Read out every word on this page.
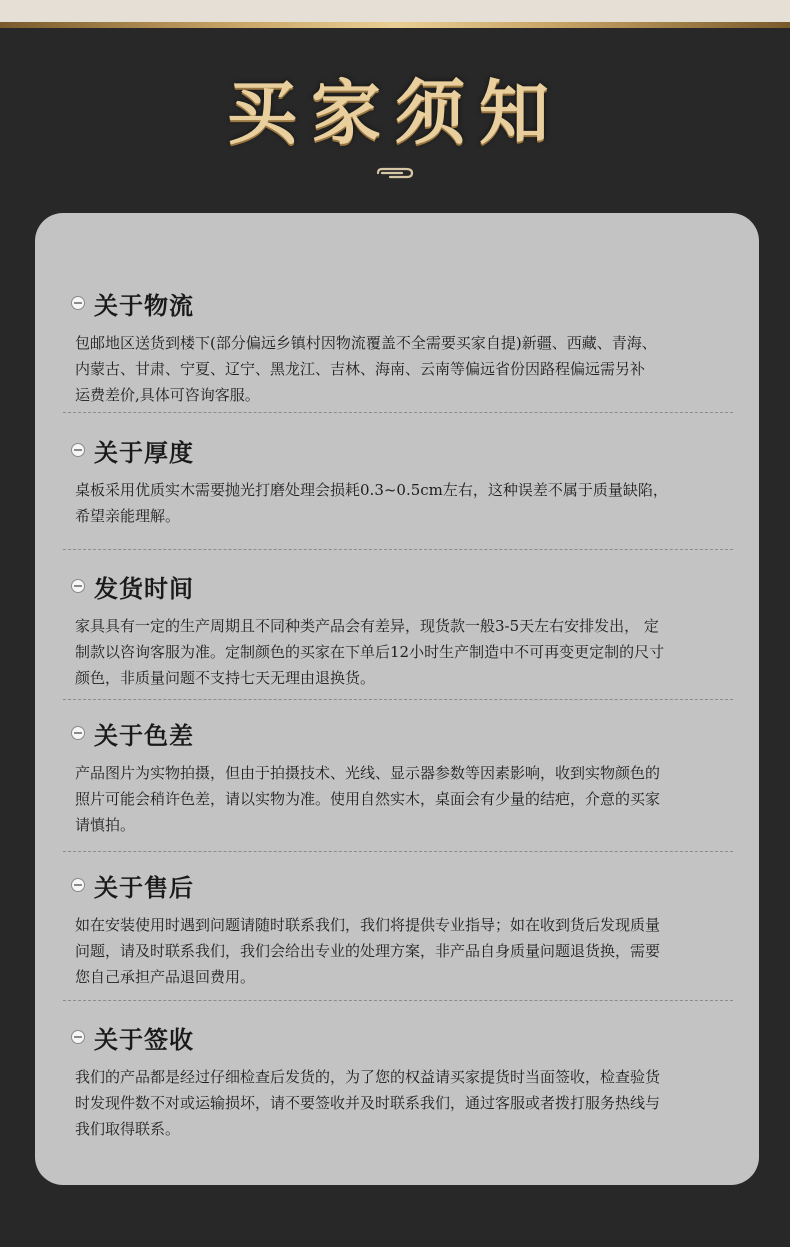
买家须知
关于物流
包邮地区送货到楼下(部分偏远乡镇村因物流覆盖不全需要买家自提)新疆、西藏、青海、
内蒙古、甘肃、宁夏、辽宁、黑龙江、吉林、海南、云南等偏远省份因路程偏远需另补
运费差价,具体可咨询客服。
关于厚度
桌板采用优质实木需要抛光打磨处理会损耗0.3~0.5cm左右，这种误差不属于质量缺陷，
希望亲能理解。
发货时间
家具具有一定的生产周期且不同种类产品会有差异，现货款一般3-5天左右安排发出， 定
制款以咨询客服为准。定制颜色的买家在下单后12小时生产制造中不可再变更定制的尺寸
颜色，非质量问题不支持七天无理由退换货。
关于色差
产品图片为实物拍摄，但由于拍摄技术、光线、显示器参数等因素影响，收到实物颜色的
照片可能会稍许色差，请以实物为准。使用自然实木，桌面会有少量的结疤，介意的买家
请慎拍。
关于售后
如在安装使用时遇到问题请随时联系我们，我们将提供专业指导；如在收到货后发现质量
问题，请及时联系我们，我们会给出专业的处理方案，非产品自身质量问题退货换，需要
您自己承担产品退回费用。
关于签收
我们的产品都是经过仔细检查后发货的，为了您的权益请买家提货时当面签收，检查验货
时发现件数不对或运输损坏，请不要签收并及时联系我们，通过客服或者拨打服务热线与
我们取得联系。
